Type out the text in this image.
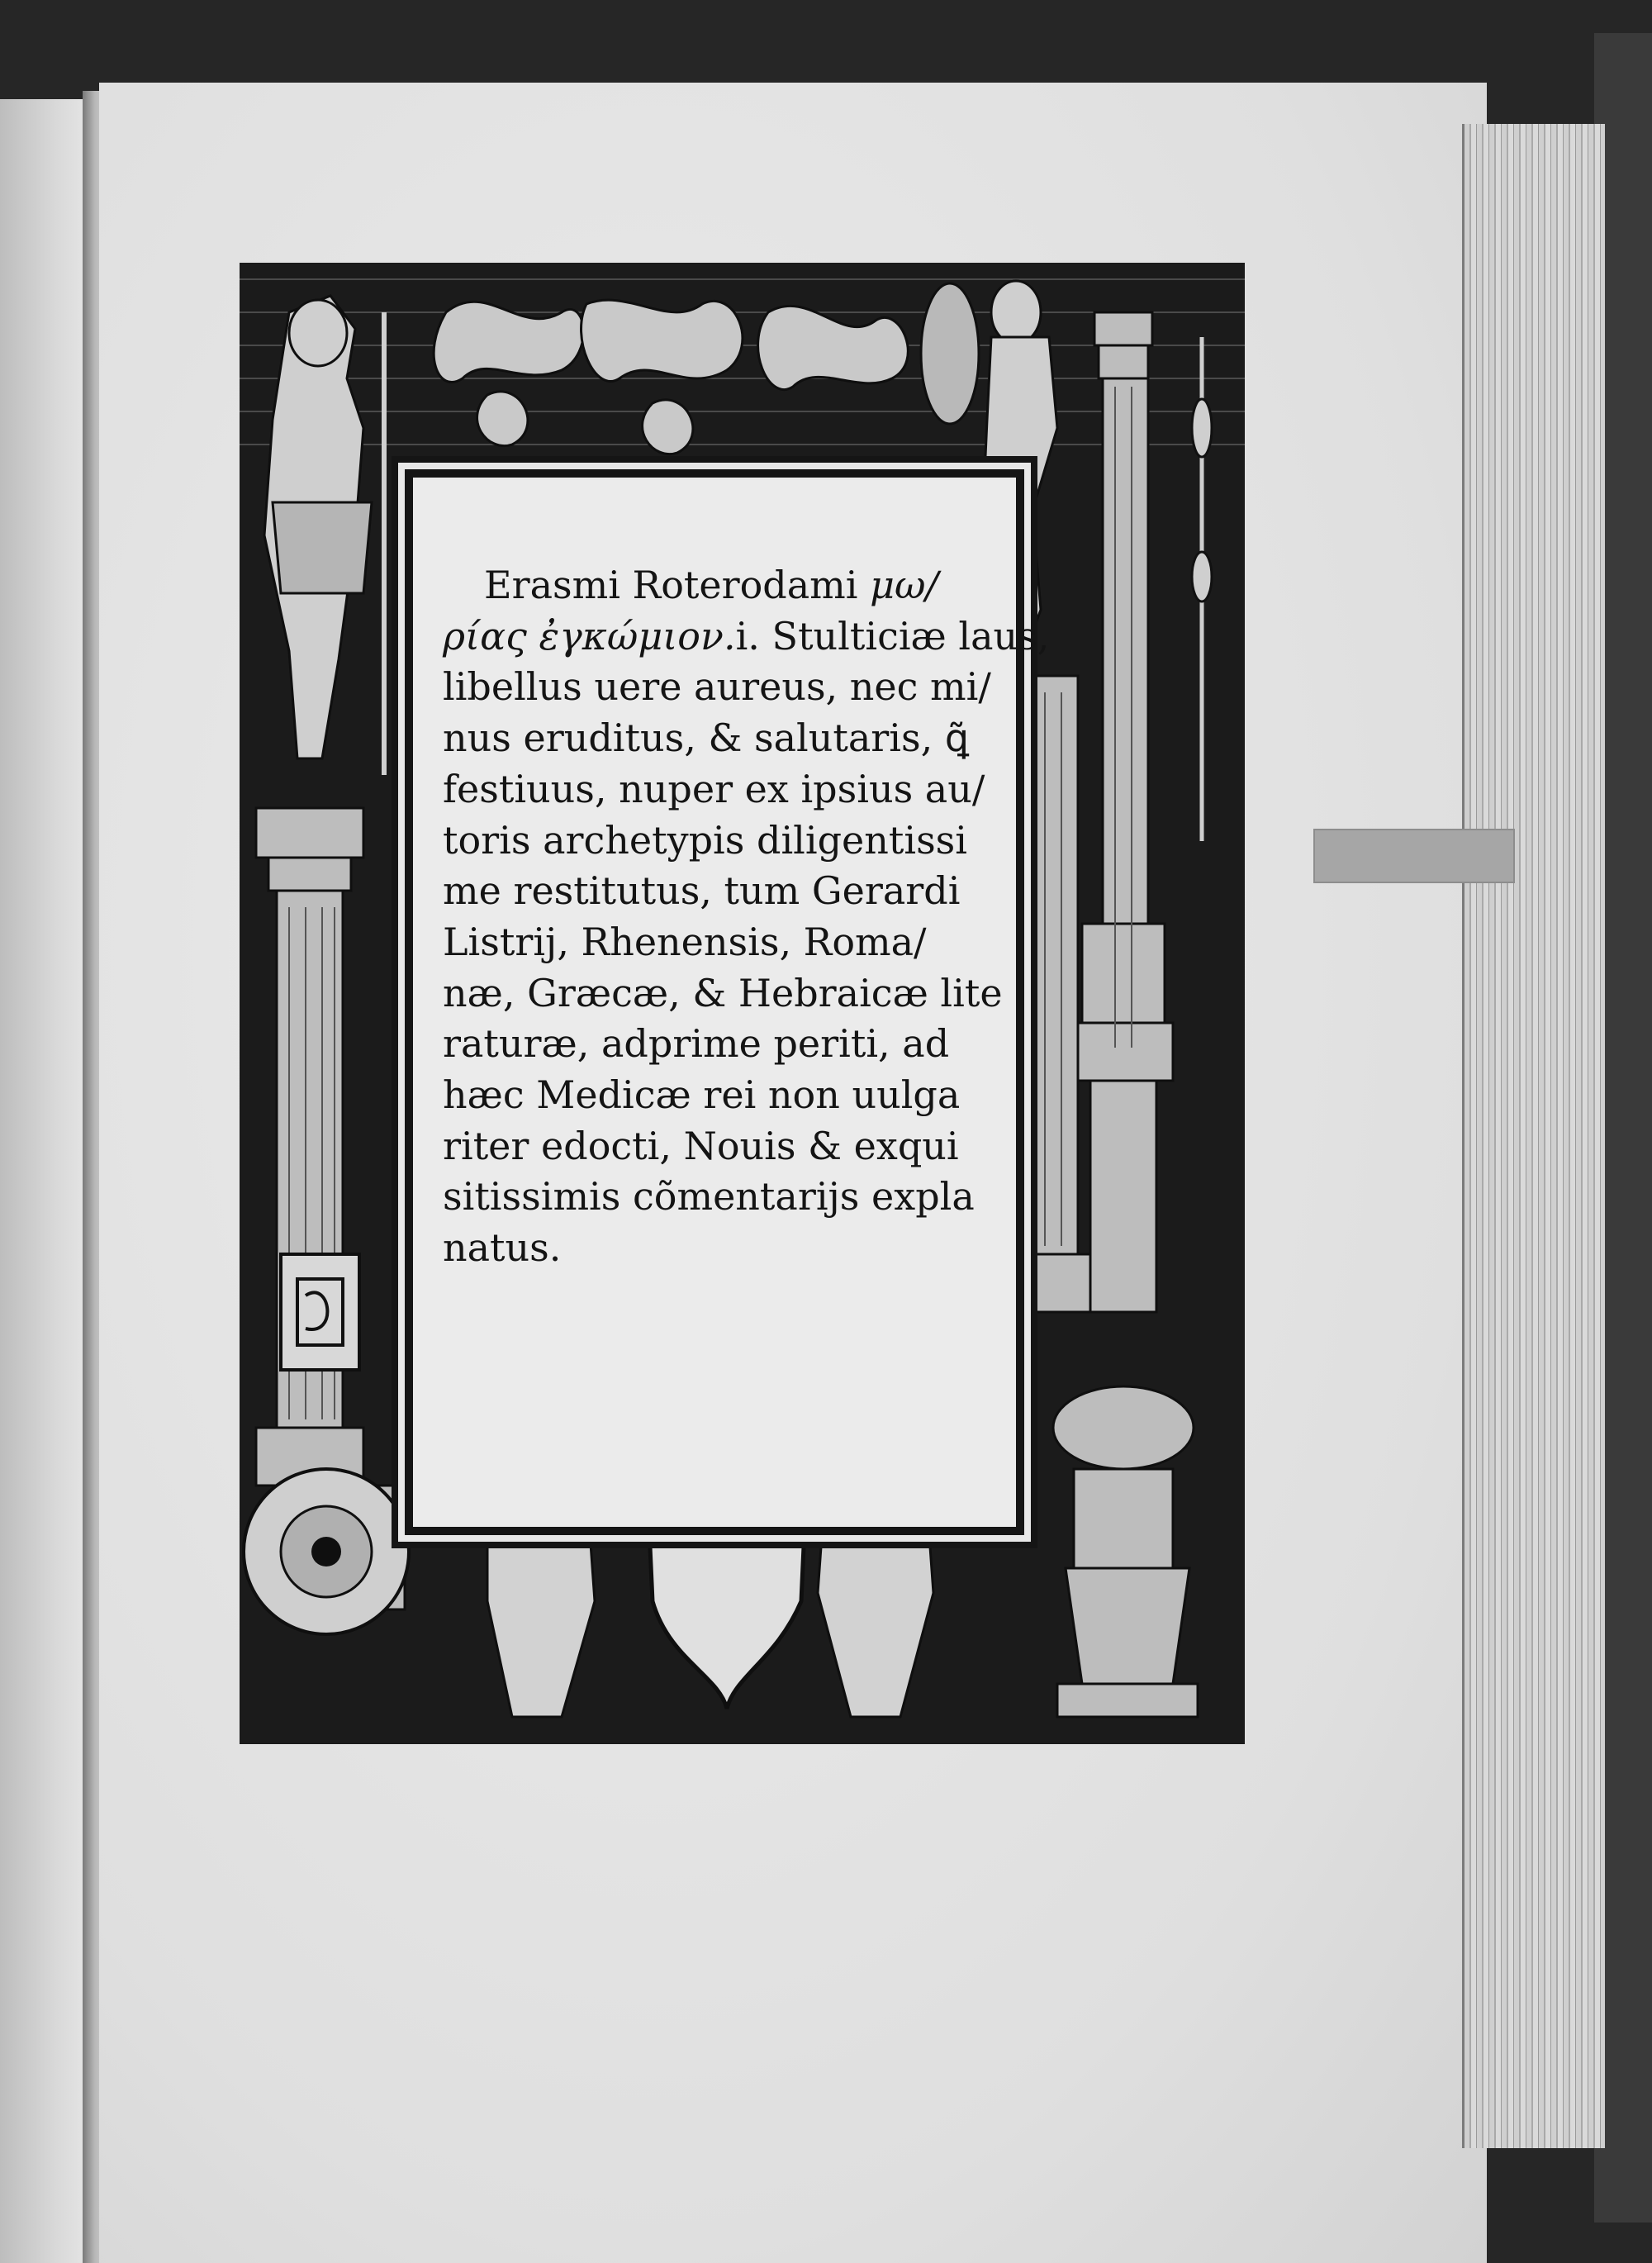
Erasmi Roterodami μω/
ρίας ἐγκώμιον.i. Stulticiæ laus,
libellus uere aureus, nec mi/
nus eruditus, & salutaris, ꝗ̃
festiuus, nuper ex ipsius au/
toris archetypis diligentissi
me restitutus, tum Gerardi
Listrij, Rhenensis, Roma/
næ, Græcæ, & Hebraicæ lite
raturæ, adprime periti, ad
hæc Medicæ rei non uulga
riter edocti, Nouis & exqui
sitissimis cõmentarijs expla
natus.
